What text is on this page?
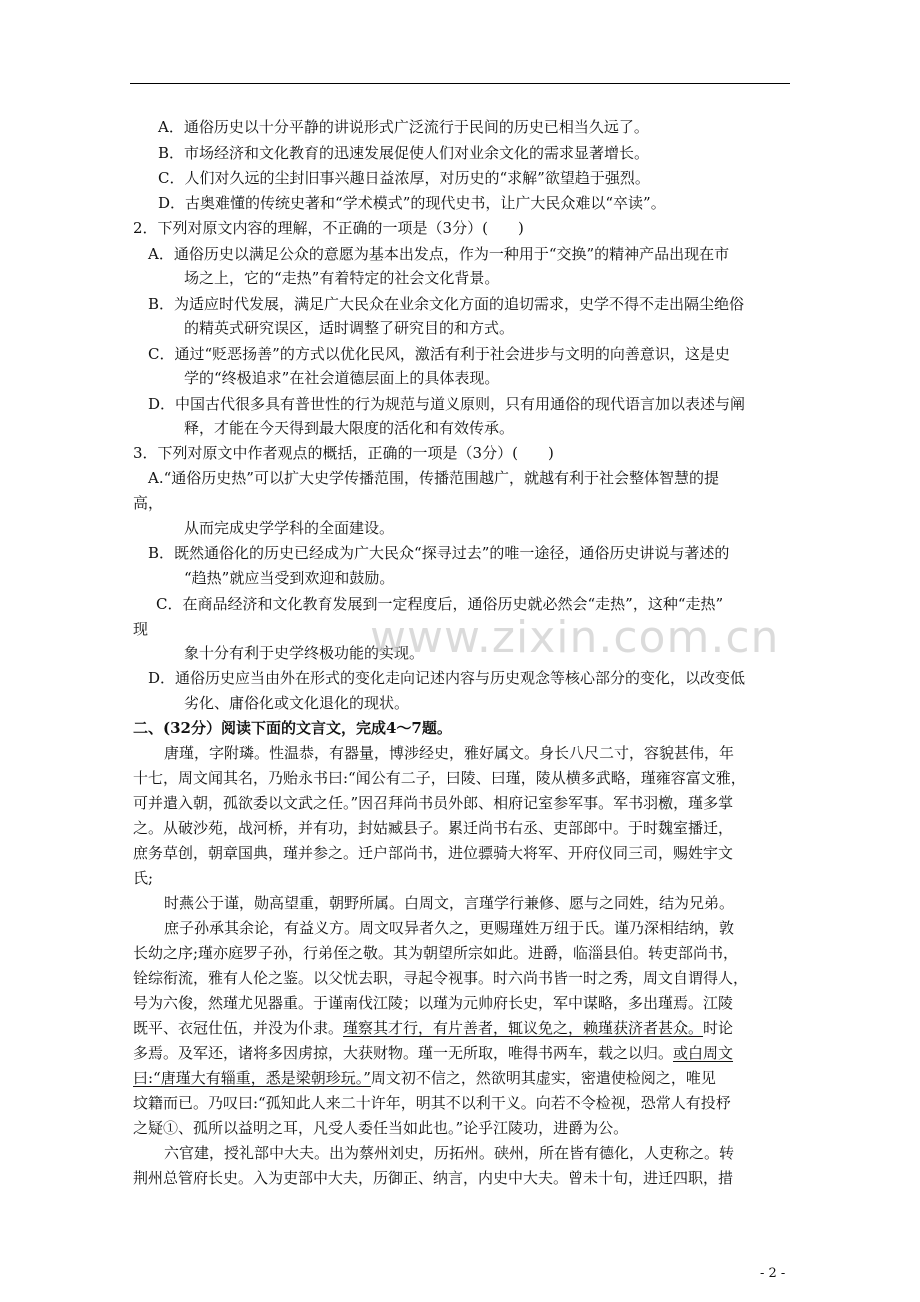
A．通俗历史以十分平静的讲说形式广泛流行于民间的历史已相当久远了。
B．市场经济和文化教育的迅速发展促使人们对业余文化的需求显著增长。
C．人们对久远的尘封旧事兴趣日益浓厚，对历史的“求解”欲望趋于强烈。
D．古奥难懂的传统史著和“学术模式”的现代史书，让广大民众难以“卒读”。
2．下列对原文内容的理解，不正确的一项是（3分）(　　)
A．通俗历史以满足公众的意愿为基本出发点，作为一种用于“交换”的精神产品出现在市
场之上，它的“走热”有着特定的社会文化背景。
B．为适应时代发展，满足广大民众在业余文化方面的追切需求，史学不得不走出隔尘绝俗
的精英式研究误区，适时调整了研究目的和方式。
C．通过“贬恶扬善”的方式以优化民风，激活有利于社会进步与文明的向善意识，这是史
学的“终极追求”在社会道德层面上的具体表现。
D．中国古代很多具有普世性的行为规范与道义原则，只有用通俗的现代语言加以表述与阐
释，才能在今天得到最大限度的活化和有效传承。
3．下列对原文中作者观点的概括，正确的一项是（3分）(　　)
A.“通俗历史热”可以扩大史学传播范围，传播范围越广，就越有利于社会整体智慧的提
高，
从而完成史学学科的全面建设。
B．既然通俗化的历史已经成为广大民众“探寻过去”的唯一途径，通俗历史讲说与著述的
“趋热”就应当受到欢迎和鼓励。
C．在商品经济和文化教育发展到一定程度后，通俗历史就必然会“走热”，这种“走热”
现
象十分有利于史学终极功能的实现。
D．通俗历史应当由外在形式的变化走向记述内容与历史观念等核心部分的变化，以改变低
劣化、庸俗化或文化退化的现状。
二、(32分）阅读下面的文言文，完成4～7题。
唐瑾，字附璘。性温恭，有器量，博涉经史，雅好属文。身长八尺二寸，容貌甚伟，年
十七，周文闻其名，乃贻永书曰:“闻公有二子，曰陵、曰瑾，陵从横多武略，瑾雍容富文雅，
可并遣入朝，孤欲委以文武之任。”因召拜尚书员外郎、相府记室参军事。军书羽檄，瑾多掌
之。从破沙苑，战河桥，并有功，封姑臧县子。累迁尚书右丞、吏部郎中。于时魏室播迁，
庶务草创，朝章国典，瑾并参之。迁户部尚书，进位骠骑大将军、开府仪同三司，赐姓宇文
氏;
时燕公于谨，勋高望重，朝野所属。白周文，言瑾学行兼修、愿与之同姓，结为兄弟。
庶子孙承其余论，有益义方。周文叹异者久之，更赐瑾姓万纽于氏。谨乃深相结纳，敦
长幼之序;瑾亦庭罗子孙，行弟侄之敬。其为朝望所宗如此。进爵，临淄县伯。转吏部尚书，
铨综衔流，雅有人伦之鉴。以父忧去职，寻起令视事。时六尚书皆一时之秀，周文自谓得人，
号为六俊，然瑾尤见器重。于谨南伐江陵；以瑾为元帅府长史，军中谋略，多出瑾焉。江陵
既平、衣冠仕伍，并没为仆隶。瑾察其才行，有片善者，辄议免之，赖瑾获济者甚众。时论
多焉。及军还，诸将多因虏掠，大获财物。瑾一无所取，唯得书两车，载之以归。或白周文
曰:“唐瑾大有辎重，悉是梁朝珍玩。”周文初不信之，然欲明其虚实，密遣使检阅之，唯见
坟籍而已。乃叹曰:“孤知此人来二十许年，明其不以利干义。向若不令检视，恐常人有投杼
之疑①、孤所以益明之耳，凡受人委任当如此也。”论乎江陵功，进爵为公。
六官建，授礼部中大夫。出为蔡州刘史，历拓州。硖州，所在皆有德化，人吏称之。转
荆州总管府长史。入为吏部中大夫，历御正、纳言，内史中大夫。曾未十旬，进迁四职，措
www.zixin.com.cn
- 2 -
